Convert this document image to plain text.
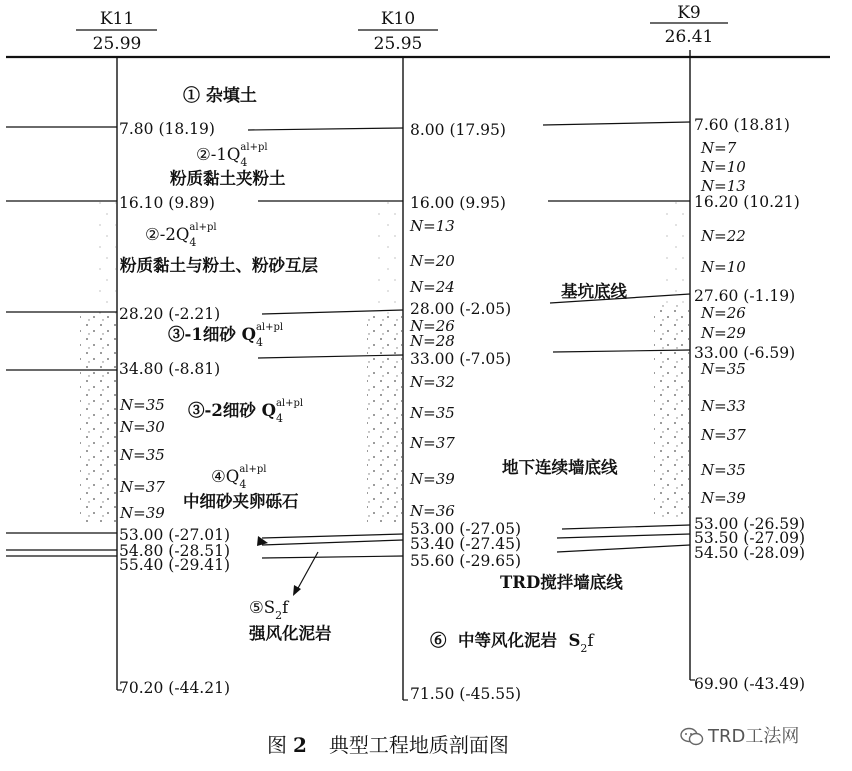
K11
25.99
K10
25.95
K9
26.41
7.80 (18.19)
16.10 (9.89)
28.20 (-2.21)
34.80 (-8.81)
53.00 (-27.01)
54.80 (-28.51)
55.40 (-29.41)
70.20 (-44.21)
8.00 (17.95)
16.00 (9.95)
28.00 (-2.05)
33.00 (-7.05)
53.00 (-27.05)
53.40 (-27.45)
55.60 (-29.65)
71.50 (-45.55)
7.60 (18.81)
16.20 (10.21)
27.60 (-1.19)
33.00 (-6.59)
53.00 (-26.59)
53.50 (-27.09)
54.50 (-28.09)
69.90 (-43.49)
N=35
N=30
N=35
N=37
N=39
N=13
N=20
N=24
N=26
N=28
N=32
N=35
N=37
N=39
N=36
N=7
N=10
N=13
N=22
N=10
N=26
N=29
N=35
N=33
N=37
N=35
N=39
① 杂填土
$②-1Q_4al+pl$
粉质黏土夹粉土
$②-2Q_4al+pl$
粉质黏土与粉土、粉砂互层
③-1细砂 $Q_4al+pl$
③-2细砂 $Q_4al+pl$
$④Q_4al+pl$
中细砂夹卵砾石
$⑤S_2f$
强风化泥岩	⑥  中等风化泥岩  $S_2f$
基坑底线
地下连续墙底线
TRD搅拌墙底线
图 2 典型工程地质剖面图	TRD工法网
